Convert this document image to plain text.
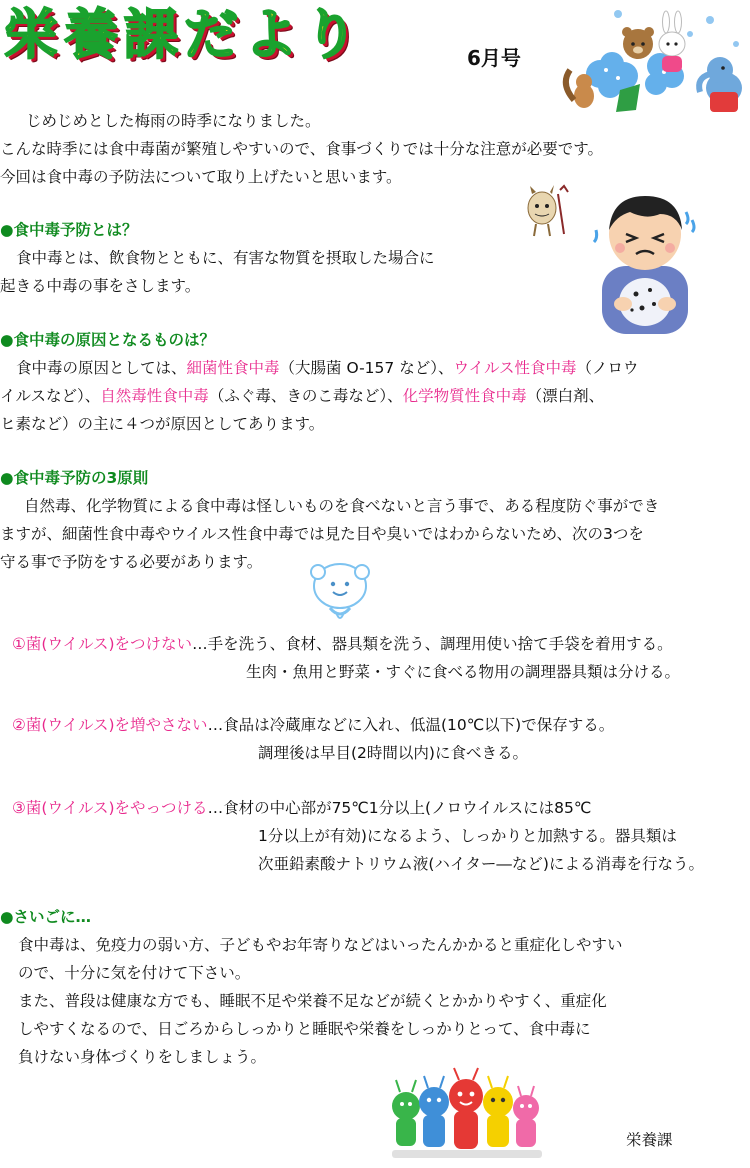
栄養課だより	6月号

じめじめとした梅雨の時季になりました。

こんな時季には食中毒菌が繁殖しやすいので、食事づくりでは十分な注意が必要です。

今回は食中毒の予防法について取り上げたいと思います。

●食中毒予防とは？

食中毒とは、飲食物とともに、有害な物質を摂取した場合に

起きる中毒の事をさします。

●食中毒の原因となるものは？

食中毒の原因としては、細菌性食中毒（大腸菌 O-157 など）、ウイルス性食中毒（ノロウ

イルスなど）、自然毒性食中毒（ふぐ毒、きのこ毒など）、化学物質性食中毒（漂白剤、

ヒ素など）の主に４つが原因としてあります。

●食中毒予防の3原則

自然毒、化学物質による食中毒は怪しいものを食べないと言う事で、ある程度防ぐ事ができ

ますが、細菌性食中毒やウイルス性食中毒では見た目や臭いではわからないため、次の3つを

守る事で予防をする必要があります。

①菌(ウイルス)をつけない…手を洗う、食材、器具類を洗う、調理用使い捨て手袋を着用する。

生肉・魚用と野菜・すぐに食べる物用の調理器具類は分ける。

②菌(ウイルス)を増やさない…食品は冷蔵庫などに入れ、低温(10℃以下)で保存する。

調理後は早目(2時間以内)に食べきる。

③菌(ウイルス)をやっつける…食材の中心部が75℃1分以上(ノロウイルスには85℃

1分以上が有効)になるよう、しっかりと加熱する。器具類は

次亜鉛素酸ナトリウム液(ハイター―など)による消毒を行なう。

●さいごに…

食中毒は、免疫力の弱い方、子どもやお年寄りなどはいったんかかると重症化しやすい

ので、十分に気を付けて下さい。

また、普段は健康な方でも、睡眠不足や栄養不足などが続くとかかりやすく、重症化

しやすくなるので、日ごろからしっかりと睡眠や栄養をしっかりとって、食中毒に

負けない身体づくりをしましょう。

栄養課
